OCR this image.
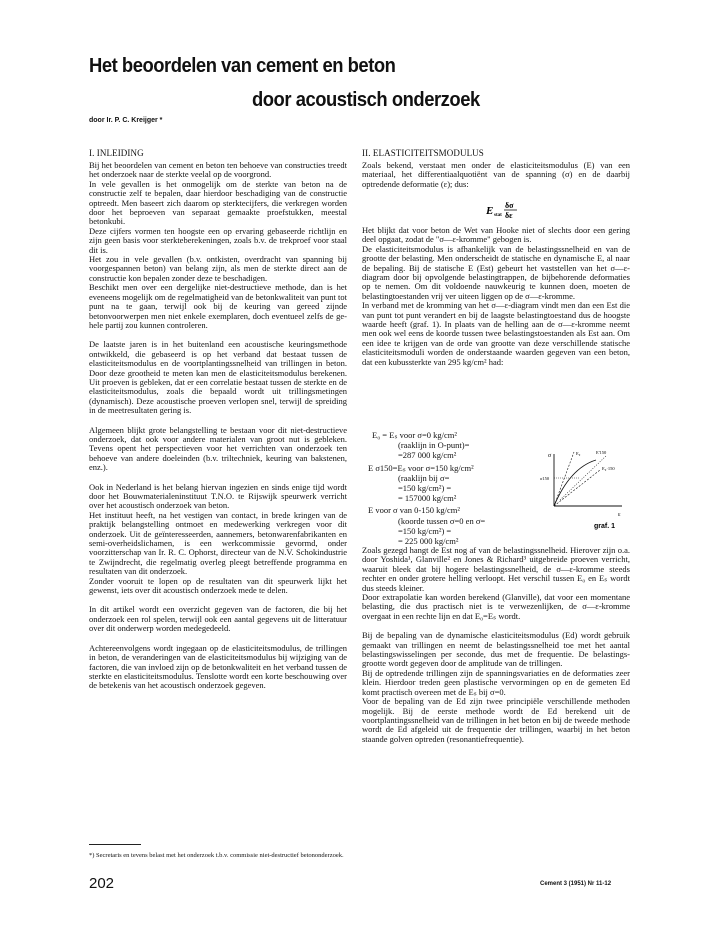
Het beoordelen van cement en beton
door acoustisch onderzoek
door Ir. P. C. Kreijger *
I. INLEIDING

Bij het beoordelen van cement en beton ten behoeve van constructies treedt het onderzoek naar de sterkte veelal op de voorgrond.

In vele gevallen is het onmogelijk om de sterkte van beton na de constructie zelf te bepalen, daar hierdoor beschadiging van de constructie optreedt. Men baseert zich daarom op sterktecijfers, die verkregen worden door het beproeven van separaat gemaakte proefstukken, meestal betonkubi.

Deze cijfers vormen ten hoogste een op ervaring gebaseerde richtlijn en zijn geen basis voor sterkteberekeningen, zoals b.v. de trekproef voor staal dit is.

Het zou in vele gevallen (b.v. ontkisten, overdracht van spanning bij voorgespannen beton) van belang zijn, als men de sterkte direct aan de constructie kon bepalen zonder deze te beschadigen.

Beschikt men over een dergelijke niet-destructieve methode, dan is het eveneens mogelijk om de regelmatigheid van de betonkwaliteit van punt tot punt na te gaan, terwijl ook bij de keuring van gereed zijnde betonvoorwerpen men niet enkele exemplaren, doch eventueel zelfs de gehele partij zou kunnen controleren.

De laatste jaren is in het buitenland een acoustische keuringsmethode ontwikkeld, die gebaseerd is op het verband dat bestaat tussen de elasticiteitsmodulus en de voortplantingssnelheid van trillingen in beton. Door deze grootheid te meten kan men de elasticiteitsmodulus berekenen. Uit proeven is gebleken, dat er een correlatie bestaat tussen de sterkte en de elasticiteitsmodulus, zoals die bepaald wordt uit trillingsmetingen (dynamisch). Deze acoustische proeven verlopen snel, terwijl de spreiding in de meetresultaten gering is.

Algemeen blijkt grote belangstelling te bestaan voor dit niet-destructieve onderzoek, dat ook voor andere materialen van groot nut is gebleken. Tevens opent het perspectieven voor het verrichten van onderzoek ten behoeve van andere doeleinden (b.v. triltechniek, keuring van bakstenen, enz.).

Ook in Nederland is het belang hiervan ingezien en sinds enige tijd wordt door het Bouwmaterialeninstituut T.N.O. te Rijswijk speurwerk verricht over het acoustisch onderzoek van beton.

Het instituut heeft, na het vestigen van contact, in brede kringen van de praktijk belangstelling ontmoet en medewerking verkregen voor dit onderzoek. Uit de geïnteresseerden, aannemers, betonwarenfabrikanten en semi-overheidslichamen, is een werkcommissie gevormd, onder voorzitterschap van Ir. R. C. Ophorst, directeur van de N.V. Schokindustrie te Zwijndrecht, die regelmatig overleg pleegt betreffende programma en resultaten van dit onderzoek.

Zonder vooruit te lopen op de resultaten van dit speurwerk lijkt het gewenst, iets over dit acoustisch onderzoek mede te delen.

In dit artikel wordt een overzicht gegeven van de factoren, die bij het onderzoek een rol spelen, terwijl ook een aantal gegevens uit de litteratuur over dit onderwerp worden medegedeeld.

Achtereenvolgens wordt ingegaan op de elasticiteitsmodulus, de trillingen in beton, de veranderingen van de elasticiteitsmodulus bij wijziging van de factoren, die van invloed zijn op de betonkwaliteit en het verband tussen de sterkte en elasticiteitsmodulus. Tenslotte wordt een korte beschouwing over de betekenis van het acoustisch onderzoek gegeven.

II. ELASTICITEITSMODULUS
Zoals bekend, verstaat men onder de elasticiteitsmodulus (E) van een materiaal, het differentiaalquotiënt van de spanning (σ) en de daarbij optredende deformatie (ε); dus:
E stat
δσ
δε

Het blijkt dat voor beton de Wet van Hooke niet of slechts door een gering deel opgaat, zodat de "σ—ε-kromme" gebogen is.

De elasticiteitsmodulus is afhankelijk van de belastingssnelheid en van de grootte der belasting. Men onderscheidt de statische en dynamische E, al naar de bepaling. Bij de statische E (Est) gebeurt het vaststellen van het σ—ε-diagram door bij opvolgende belastingtrappen, de bijbehorende deformaties op te nemen. Om dit voldoende nauwkeurig te kunnen doen, moeten de belastingtoestanden vrij ver uiteen liggen op de σ—ε-kromme.

In verband met de kromming van het σ—ε-diagram vindt men dan een Est die van punt tot punt verandert en bij de laagste belastingtoestand dus de hoogste waarde heeft (graf. 1). In plaats van de helling aan de σ—ε-kromme neemt men ook wel eens de koorde tussen twee belastingstoestanden als Est aan. Om een idee te krijgen van de orde van grootte van deze verschillende statische elasticiteitsmoduli worden de onderstaande waarden gegeven van een beton, dat een kubussterkte van 295 kg/cm² had:

E₀ = Eₛ voor σ=0 kg/cm²
(raaklijn in O-punt)=
=287 000 kg/cm²
E σ150=Eₛ voor σ=150 kg/cm²
(raaklijn bij σ=
=150 kg/cm²) =
= 157000 kg/cm²
E voor σ van 0-150 kg/cm²
(koorde tussen σ=0 en σ=
=150 kg/cm²) =
= 225 000 kg/cm²
σ
ε
E₀	E'150
E₀·150
σ150
graf. 1

Zoals gezegd hangt de Est nog af van de belastingssnelheid. Hierover zijn o.a. door Yoshida¹, Glanville² en Jones & Richard³ uitgebreide proeven verricht, waaruit bleek dat bij hogere belastingssnelheid, de σ—ε-kromme steeds rechter en onder grotere helling verloopt. Het verschil tussen E₀ en Eₛ wordt dus steeds kleiner.

Door extrapolatie kan worden berekend (Glanville), dat voor een momentane belasting, die dus practisch niet is te verwezenlijken, de σ—ε-kromme overgaat in een rechte lijn en dat E₀=Eₛ wordt.

Bij de bepaling van de dynamische elasticiteitsmodulus (Ed) wordt gebruik gemaakt van trillingen en neemt de belastingssnelheid toe met het aantal belastingswisselingen per seconde, dus met de frequentie. De belastingsgrootte wordt gegeven door de amplitude van de trillingen.

Bij de optredende trillingen zijn de spanningsvariaties en de deformaties zeer klein. Hierdoor treden geen plastische vervormingen op en de gemeten Ed komt practisch overeen met de Eₛ bij σ=0.

Voor de bepaling van de Ed zijn twee principiële verschillende methoden mogelijk. Bij de eerste methode wordt de Ed berekend uit de voortplantingssnelheid van de trillingen in het beton en bij de tweede methode wordt de Ed afgeleid uit de frequentie der trillingen, waarbij in het beton staande golven optreden (resonantiefrequentie).

*) Secretaris en tevens belast met het onderzoek t.b.v. commissie niet-destructief betononderzoek.
202	Cement 3 (1951) Nr 11-12
